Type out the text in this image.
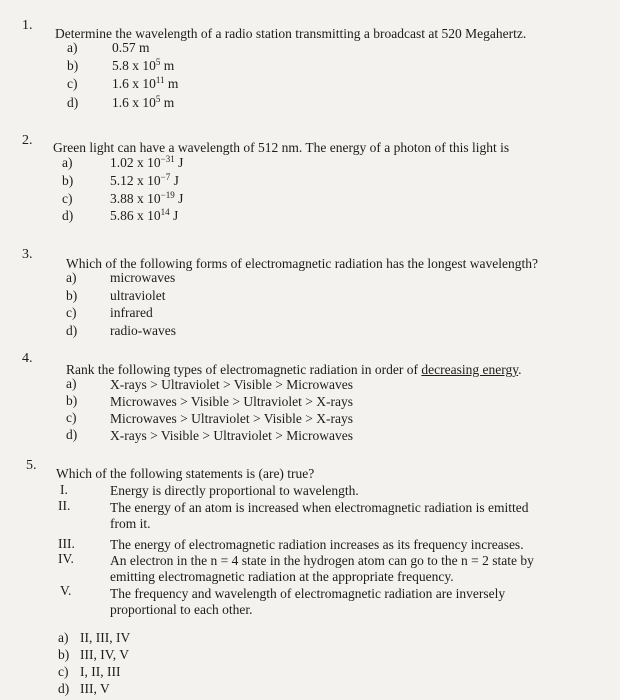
1.
Determine the wavelength of a radio station transmitting a broadcast at 520 Megahertz.
a)	0.57 m
b)	5.8 x $10^5$ m
c)	1.6 x $10^{11}$ m
d)	1.6 x $10^5$ m
2. Green light can have a wavelength of 512 nm. The energy of a photon of this light is
a)	1.02 x $10^{-31}$ J
b)	5.12 x $10^{-7}$ J
c)	3.88 x $10^{-19}$ J
d)	5.86 x $10^{14}$ J
3.
Which of the following forms of electromagnetic radiation has the longest wavelength?
a) microwaves
b) ultraviolet
c) infrared
d) radio-waves
4.
Rank the following types of electromagnetic radiation in order of decreasing energy.
a) X-rays > Ultraviolet > Visible > Microwaves
b) Microwaves > Visible > Ultraviolet > X-rays
c) Microwaves > Ultraviolet > Visible > X-rays
d) X-rays > Visible > Ultraviolet > Microwaves
5.
Which of the following statements is (are) true?
I.	Energy is directly proportional to wavelength.
II.	The energy of an atom is increased when electromagnetic radiation is emitted from it.
III.	The energy of electromagnetic radiation increases as its frequency increases.
IV.	An electron in the n = 4 state in the hydrogen atom can go to the n = 2 state by emitting electromagnetic radiation at the appropriate frequency.
V.	The frequency and wavelength of electromagnetic radiation are inversely proportional to each other.
a) II, III, IV
b) III, IV, V
c) I, II, III
d) III, V
